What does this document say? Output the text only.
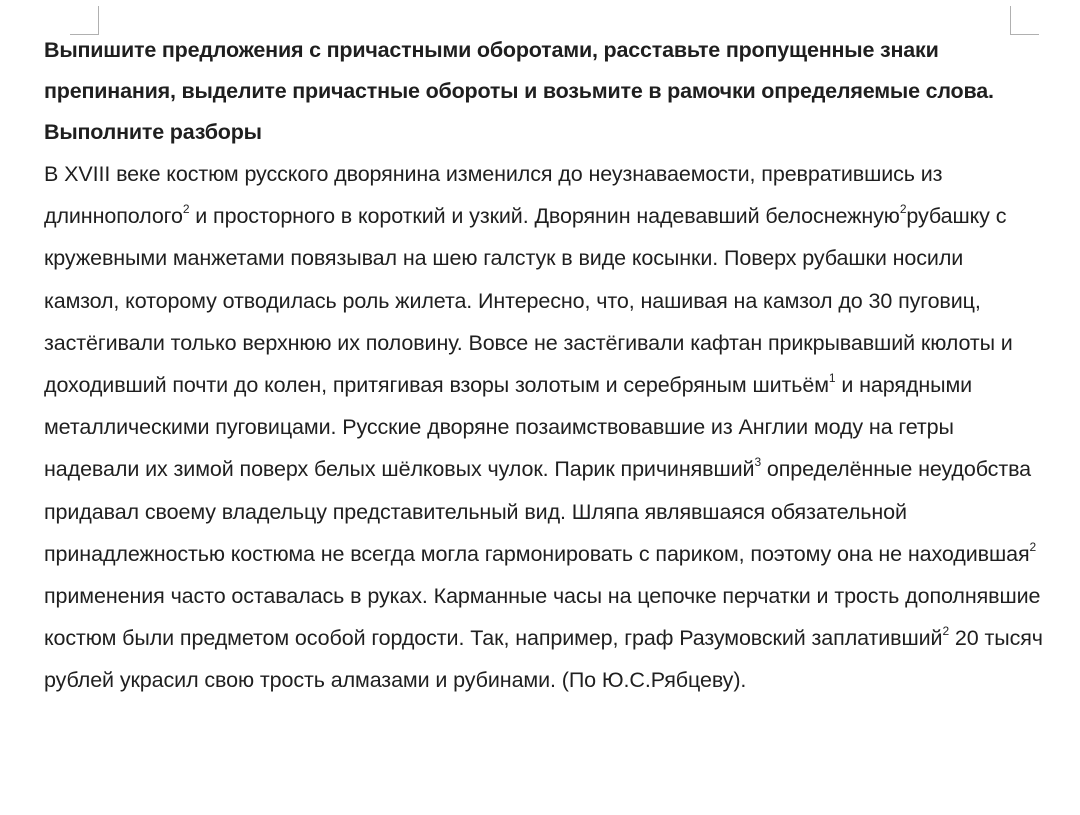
Выпишите предложения с причастными оборотами, расставьте пропущенные знаки препинания, выделите причастные обороты и возьмите в рамочки определяемые слова. Выполните разборы

В XVIII веке костюм русского дворянина изменился до неузнаваемости, превратившись из длиннополого$^2$ и просторного в короткий и узкий. Дворянин надевавший белоснежную$^2$рубашку с кружевными манжетами повязывал на шею галстук в виде косынки. Поверх рубашки носили камзол, которому отводилась роль жилета. Интересно, что, нашивая на камзол до 30 пуговиц, застёгивали только верхнюю их половину. Вовсе не застёгивали кафтан прикрывавший кюлоты и доходивший почти до колен, притягивая взоры золотым и серебряным шитьём$^1$ и нарядными металлическими пуговицами. Русские дворяне позаимствовавшие из Англии моду на гетры надевали их зимой поверх белых шёлковых чулок. Парик причинявший$^3$ определённые неудобства придавал своему владельцу представительный вид. Шляпа являвшаяся обязательной принадлежностью костюма не всегда могла гармонировать с париком, поэтому она не находившая$^2$ применения часто оставалась в руках. Карманные часы на цепочке перчатки и трость дополнявшие костюм были предметом особой гордости. Так, например, граф Разумовский заплативший$^2$ 20 тысяч рублей украсил свою трость алмазами и рубинами. (По Ю.С.Рябцеву).
